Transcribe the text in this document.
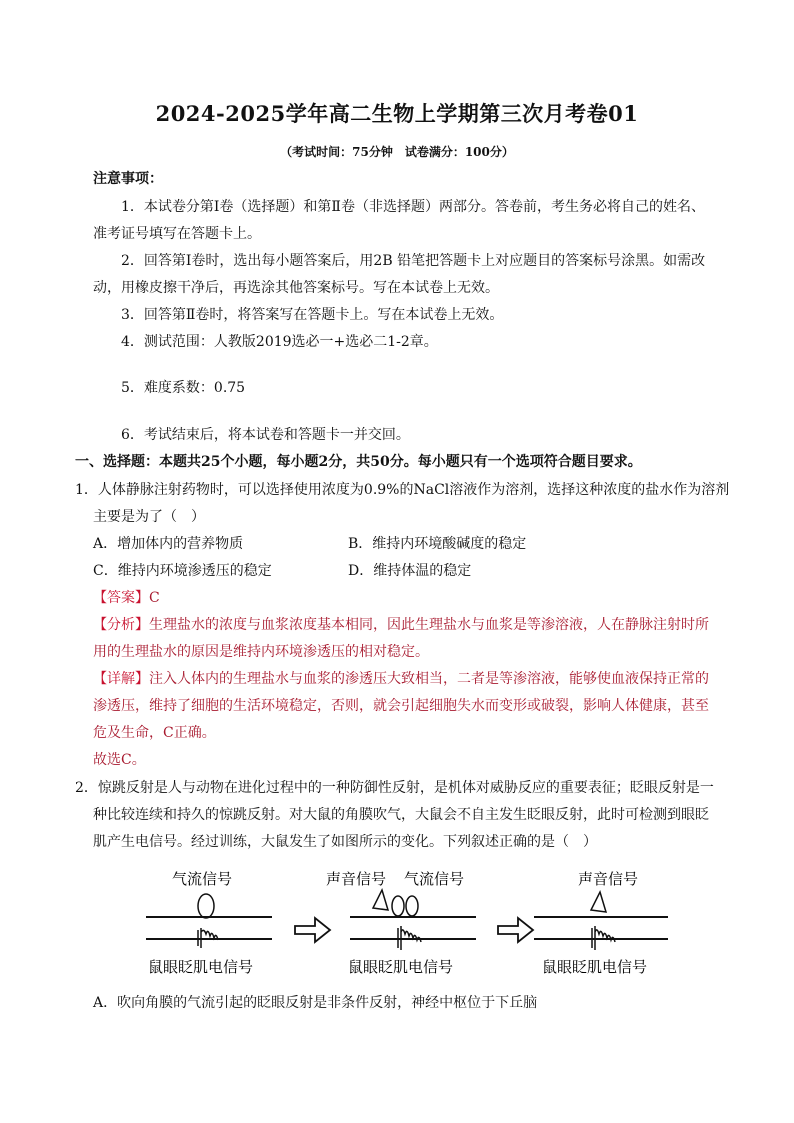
2024-2025学年高二生物上学期第三次月考卷01
（考试时间：75分钟　试卷满分：100分）
注意事项：
1．本试卷分第Ⅰ卷（选择题）和第Ⅱ卷（非选择题）两部分。答卷前，考生务必将自己的姓名、
准考证号填写在答题卡上。
2．回答第Ⅰ卷时，选出每小题答案后，用2B 铅笔把答题卡上对应题目的答案标号涂黑。如需改
动，用橡皮擦干净后，再选涂其他答案标号。写在本试卷上无效。
3．回答第Ⅱ卷时，将答案写在答题卡上。写在本试卷上无效。
4．测试范围：人教版2019选必一+选必二1-2章。
5．难度系数：0.75
6．考试结束后，将本试卷和答题卡一并交回。
一、选择题：本题共25个小题，每小题2分，共50分。每小题只有一个选项符合题目要求。
1．人体静脉注射药物时，可以选择使用浓度为0.9%的NaCl溶液作为溶剂，选择这种浓度的盐水作为溶剂
主要是为了（　）
A．增加体内的营养物质	B．维持内环境酸碱度的稳定
C．维持内环境渗透压的稳定	D．维持体温的稳定
【答案】C
【分析】生理盐水的浓度与血浆浓度基本相同，因此生理盐水与血浆是等渗溶液，人在静脉注射时所
用的生理盐水的原因是维持内环境渗透压的相对稳定。
【详解】注入人体内的生理盐水与血浆的渗透压大致相当，二者是等渗溶液，能够使血液保持正常的
渗透压，维持了细胞的生活环境稳定，否则，就会引起细胞失水而变形或破裂，影响人体健康，甚至
危及生命，C正确。
故选C。
2．惊跳反射是人与动物在进化过程中的一种防御性反射，是机体对威胁反应的重要表征；眨眼反射是一
种比较连续和持久的惊跳反射。对大鼠的角膜吹气，大鼠会不自主发生眨眼反射，此时可检测到眼眨
肌产生电信号。经过训练，大鼠发生了如图所示的变化。下列叙述正确的是（　）
气流信号
鼠眼眨肌电信号
声音信号 气流信号
鼠眼眨肌电信号
声音信号
鼠眼眨肌电信号
A．吹向角膜的气流引起的眨眼反射是非条件反射，神经中枢位于下丘脑
